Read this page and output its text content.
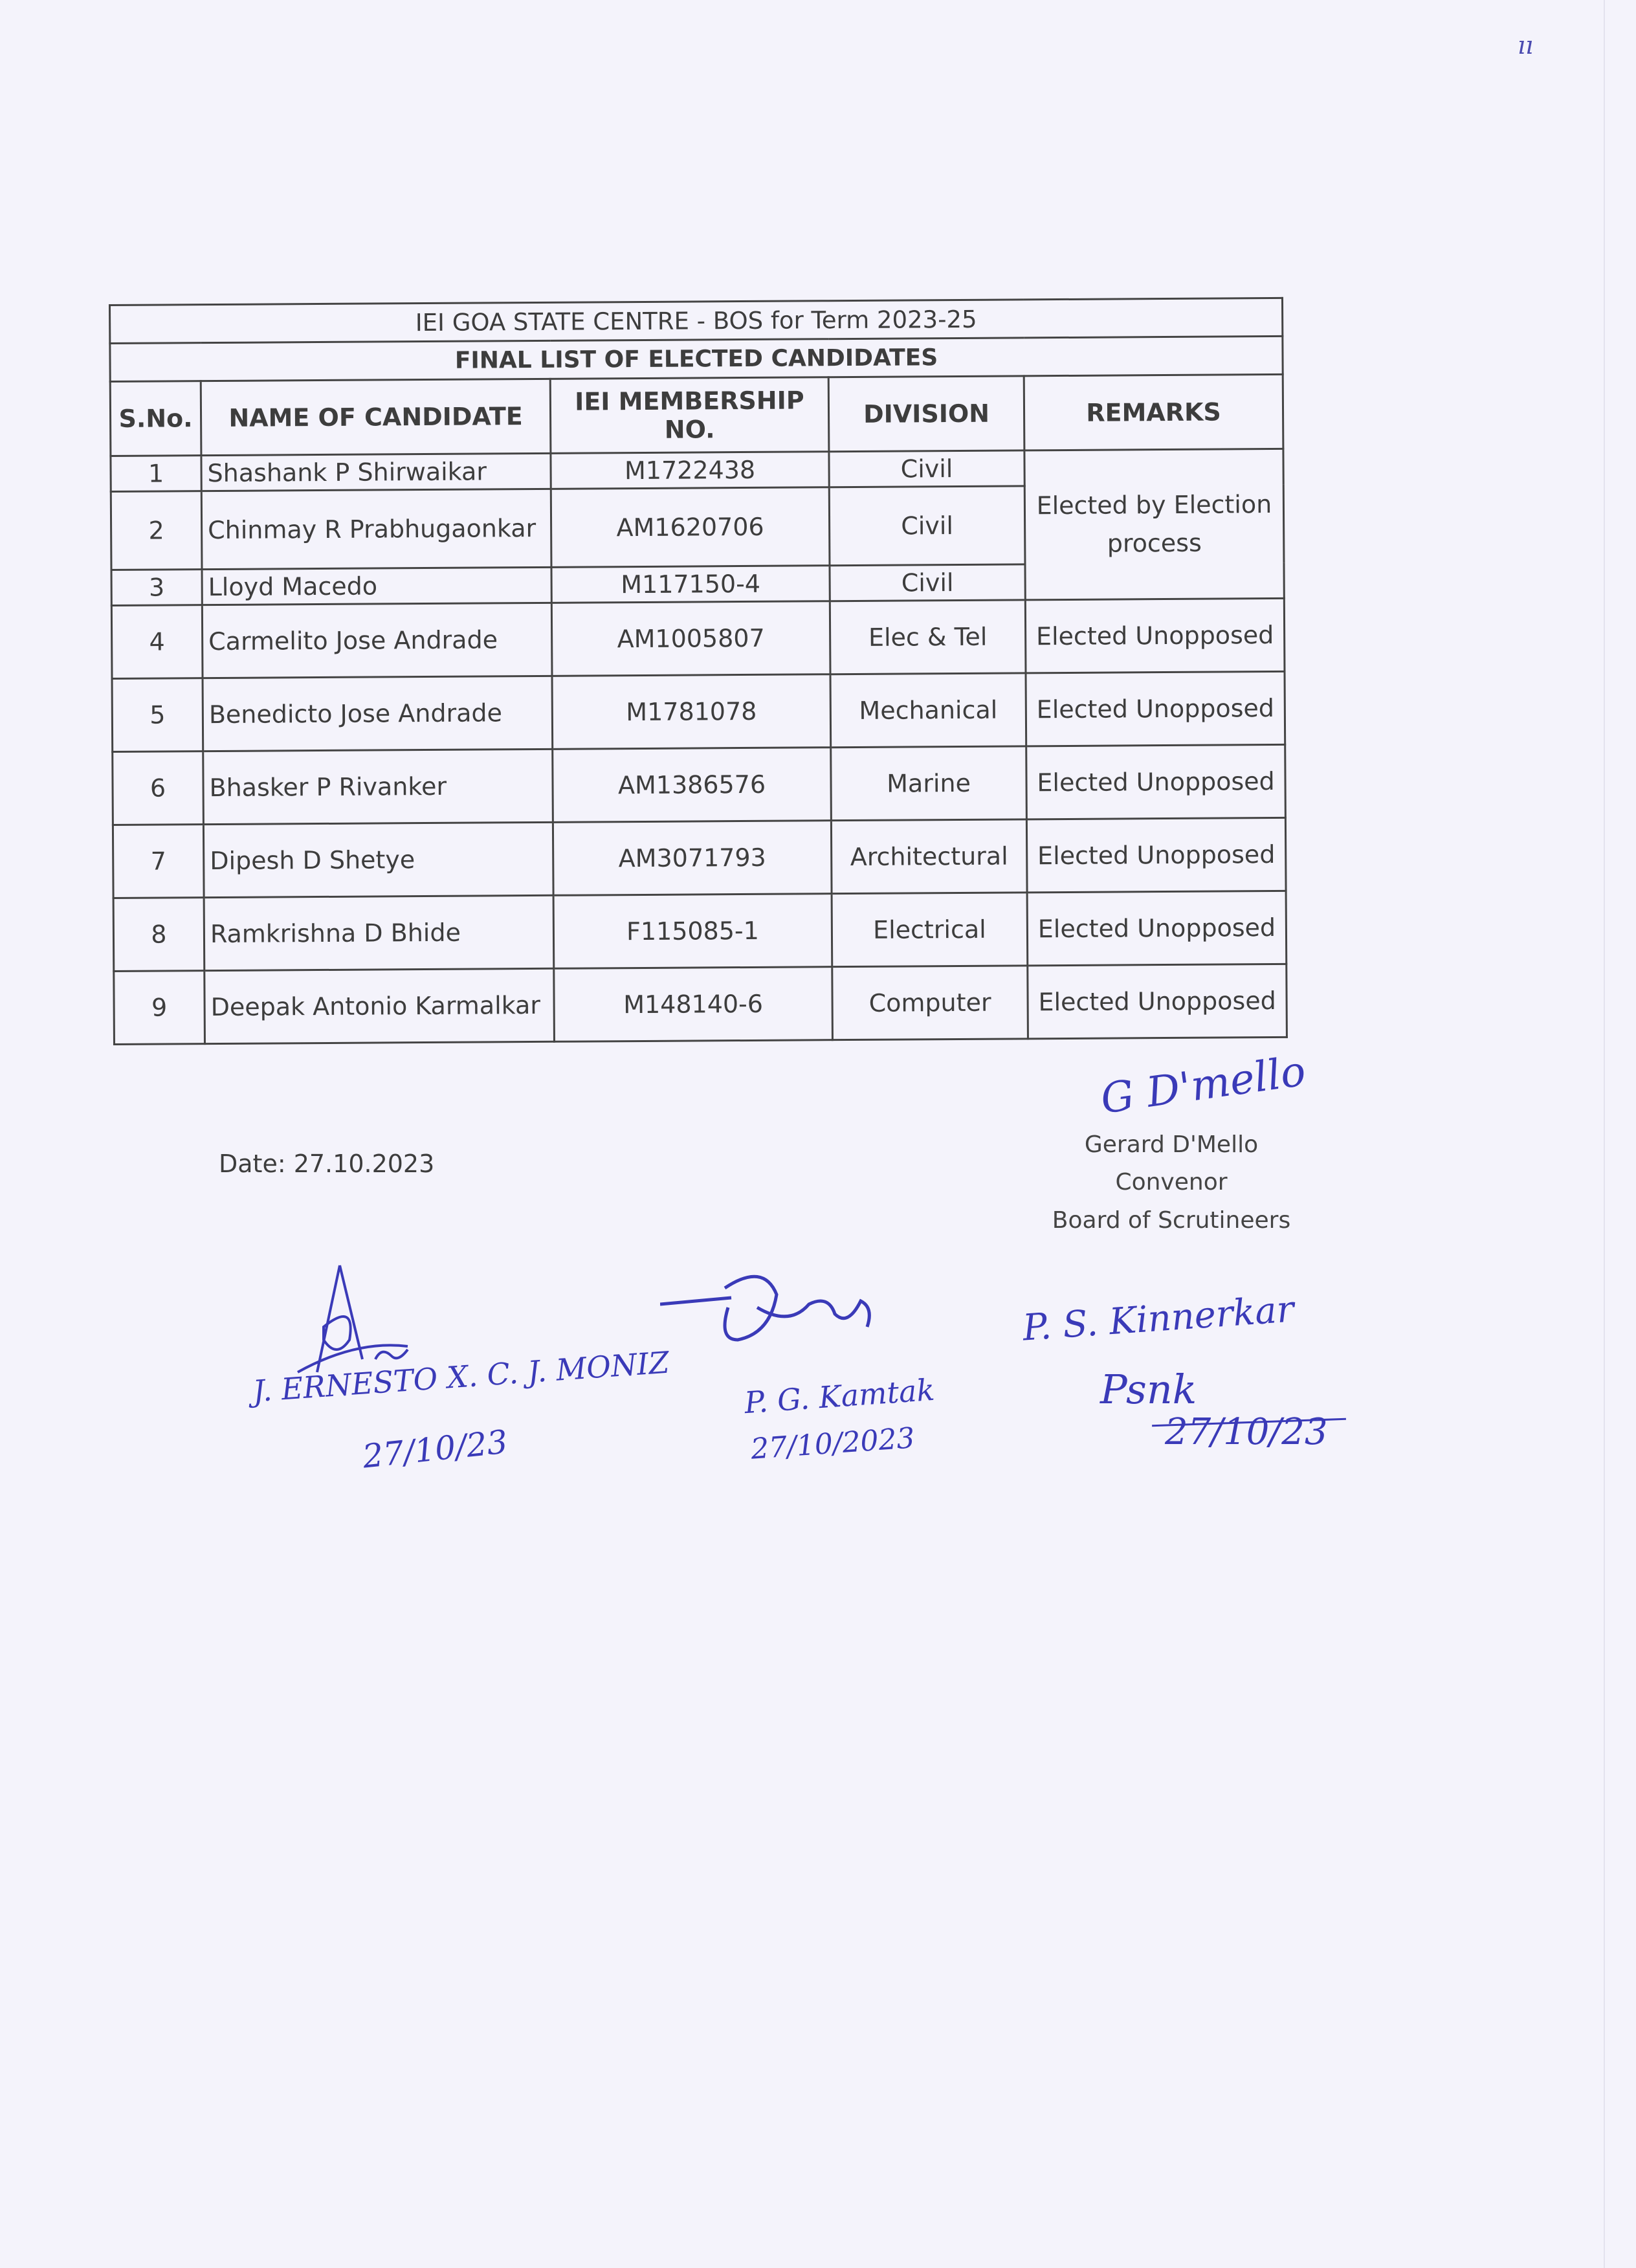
ıı
IEI GOA STATE CENTRE - BOS for Term 2023-25				
FINAL LIST OF ELECTED CANDIDATES				
S.No.	NAME OF CANDIDATE	IEI MEMBERSHIP NO.	DIVISION	REMARKS
1	Shashank P Shirwaikar	M1722438	Civil	Elected by Election process

2	Chinmay R Prabhugaonkar	AM1620706	Civil	
3	Lloyd Macedo	M117150-4	Civil	
4	Carmelito Jose Andrade	AM1005807	Elec & Tel	Elected Unopposed
5	Benedicto Jose Andrade	M1781078	Mechanical	Elected Unopposed
6	Bhasker P Rivanker	AM1386576	Marine	Elected Unopposed
7	Dipesh D Shetye	AM3071793	Architectural	Elected Unopposed
8	Ramkrishna D Bhide	F115085-1	Electrical	Elected Unopposed
9	Deepak Antonio Karmalkar	M148140-6	Computer	Elected Unopposed
Date: 27.10.2023
G D'mello
Gerard D'Mello
Convenor
Board of Scrutineers
J. ERNESTO X. C. J. MONIZ
27/10/23
P. G. Kamtak
27/10/2023
P. S. Kinnerkar
Psnk
27/10/23
